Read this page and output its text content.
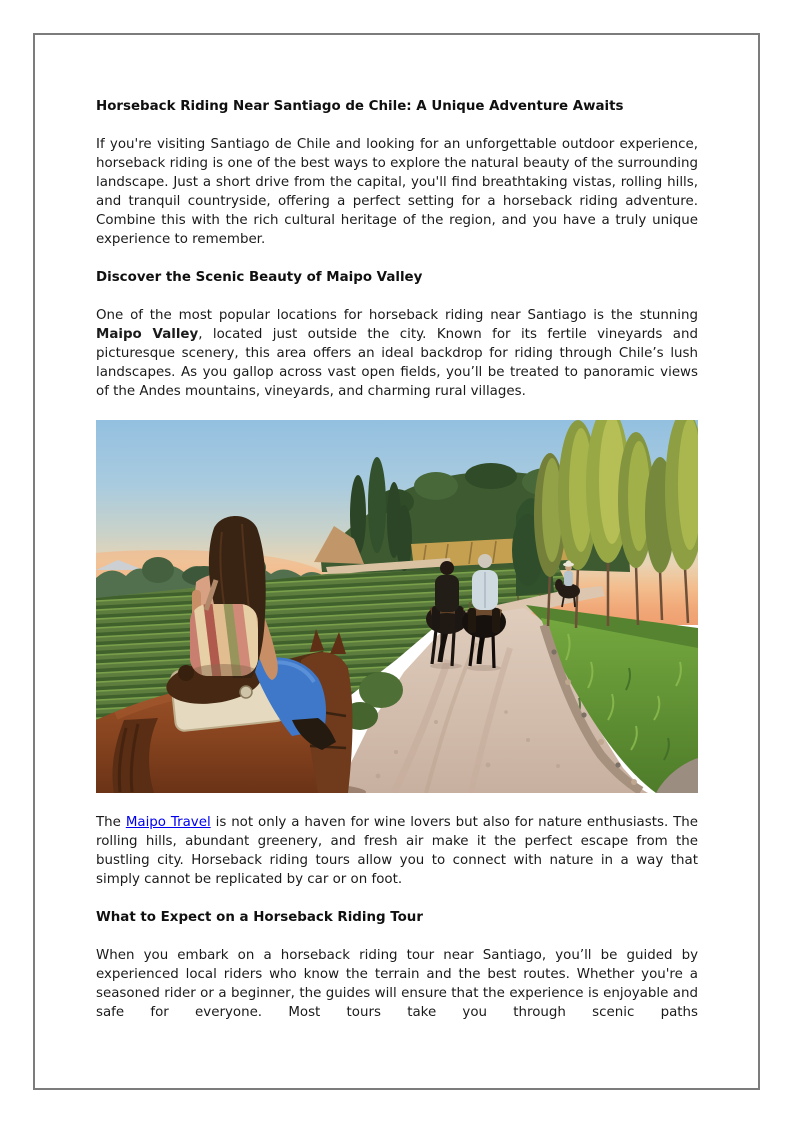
Horseback Riding Near Santiago de Chile: A Unique Adventure Awaits

If you're visiting Santiago de Chile and looking for an unforgettable outdoor experience, horseback riding is one of the best ways to explore the natural beauty of the surrounding landscape. Just a short drive from the capital, you'll find breathtaking vistas, rolling hills, and tranquil countryside, offering a perfect setting for a horseback riding adventure. Combine this with the rich cultural heritage of the region, and you have a truly unique experience to remember.

Discover the Scenic Beauty of Maipo Valley

One of the most popular locations for horseback riding near Santiago is the stunning Maipo Valley, located just outside the city. Known for its fertile vineyards and picturesque scenery, this area offers an ideal backdrop for riding through Chile’s lush landscapes. As you gallop across vast open fields, you’ll be treated to panoramic views of the Andes mountains, vineyards, and charming rural villages.

The Maipo Travel is not only a haven for wine lovers but also for nature enthusiasts. The rolling hills, abundant greenery, and fresh air make it the perfect escape from the bustling city. Horseback riding tours allow you to connect with nature in a way that simply cannot be replicated by car or on foot.

What to Expect on a Horseback Riding Tour

When you embark on a horseback riding tour near Santiago, you’ll be guided by experienced local riders who know the terrain and the best routes. Whether you're a seasoned rider or a beginner, the guides will ensure that the experience is enjoyable and safe for everyone. Most tours take you through scenic paths
